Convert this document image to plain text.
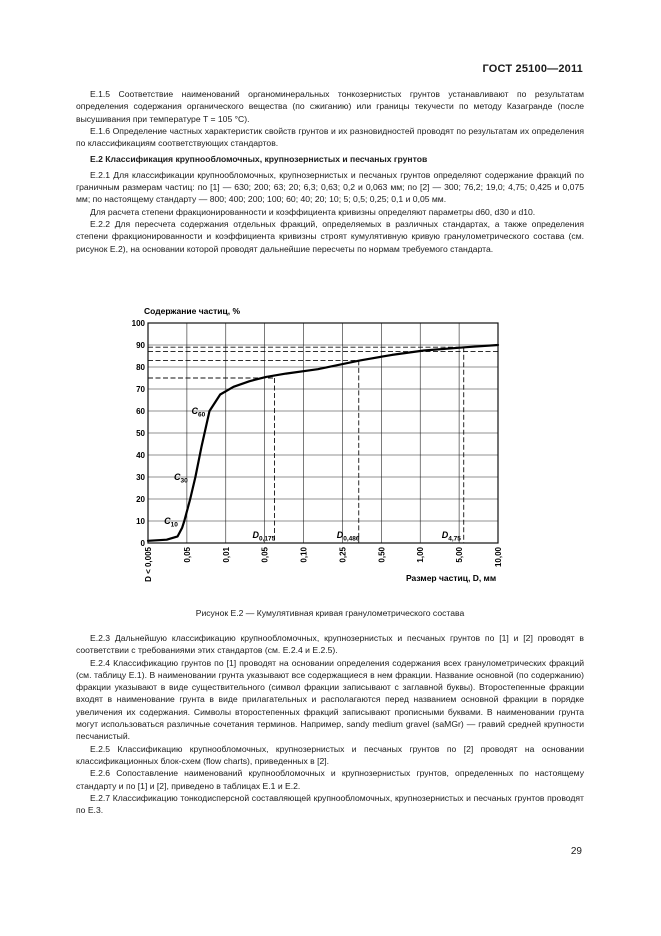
ГОСТ 25100—2011

Е.1.5 Соответствие наименований органоминеральных тонкозернистых грунтов устанавливают по результатам определения содержания органического вещества (по сжиганию) или границы текучести по методу Казагранде (после высушивания при температуре T = 105 °C).

Е.1.6 Определение частных характеристик свойств грунтов и их разновидностей проводят по результатам их определения по классификациям соответствующих стандартов.

Е.2 Классификация крупнообломочных, крупнозернистых и песчаных грунтов

Е.2.1 Для классификации крупнообломочных, крупнозернистых и песчаных грунтов определяют содержание фракций по граничным размерам частиц: по [1] — 630; 200; 63; 20; 6,3; 0,63; 0,2 и 0,063 мм; по [2] — 300; 76,2; 19,0; 4,75; 0,425 и 0,075 мм; по настоящему стандарту — 800; 400; 200; 100; 60; 40; 20; 10; 5; 0,5; 0,25; 0,1 и 0,05 мм.

Для расчета степени фракционированности и коэффициента кривизны определяют параметры d60, d30 и d10.

Е.2.2 Для пересчета содержания отдельных фракций, определяемых в различных стандартах, а также определения степени фракционированности и коэффициента кривизны строят кумулятивную кривую гранулометрического состава (см. рисунок Е.2), на основании которой проводят дальнейшие пересчеты по нормам требуемого стандарта.

Содержание частиц, %
Размер частиц, D, мм
0
10
20
30
40
50
60
70
80
90
100
D < 0,005	0,05	0,01	0,05	0,10	0,25	0,50	1,00	5,00	10,00
$C_{60}$
$C_{30}$
$C_{10}$
$D_{0,175}$	$D_{0,486}$	$D_{4,75}$
Рисунок Е.2 — Кумулятивная кривая гранулометрического состава

Е.2.3 Дальнейшую классификацию крупнообломочных, крупнозернистых и песчаных грунтов по [1] и [2] проводят в соответствии с требованиями этих стандартов (см. Е.2.4 и Е.2.5).

Е.2.4 Классификацию грунтов по [1] проводят на основании определения содержания всех гранулометрических фракций (см. таблицу Е.1). В наименовании грунта указывают все содержащиеся в нем фракции. Название основной (по содержанию) фракции указывают в виде существительного (символ фракции записывают с заглавной буквы). Второстепенные фракции входят в наименование грунта в виде прилагательных и располагаются перед названием основной фракции в порядке увеличения их содержания. Символы второстепенных фракций записывают прописными буквами. В наименовании грунта могут использоваться различные сочетания терминов. Например, sandy medium gravel (saMGr) — гравий средней крупности песчанистый.

Е.2.5 Классификацию крупнообломочных, крупнозернистых и песчаных грунтов по [2] проводят на основании классификационных блок-схем (flow charts), приведенных в [2].

Е.2.6 Сопоставление наименований крупнообломочных и крупнозернистых грунтов, определенных по настоящему стандарту и по [1] и [2], приведено в таблицах Е.1 и Е.2.

Е.2.7 Классификацию тонкодисперсной составляющей крупнообломочных, крупнозернистых и песчаных грунтов проводят по Е.3.

29
